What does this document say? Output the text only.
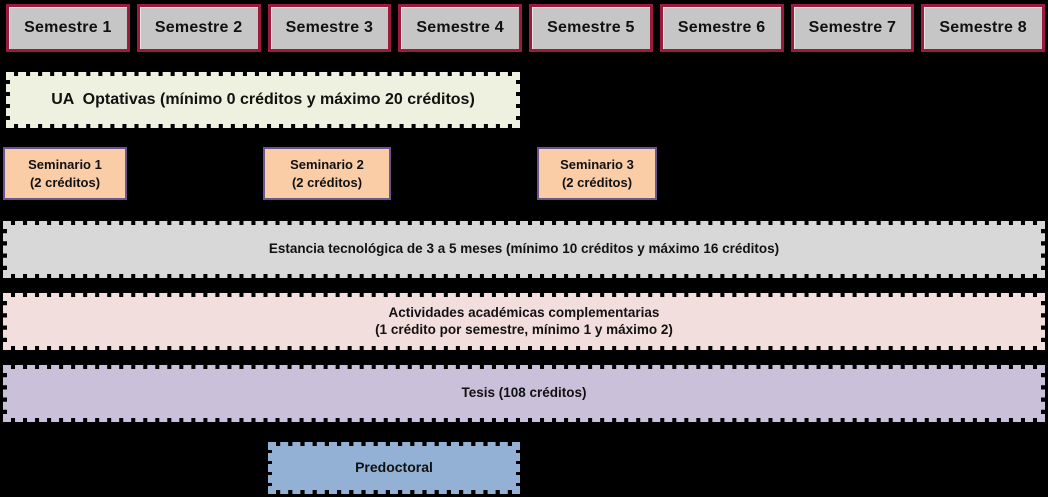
Semestre 1	Semestre 2	Semestre 3	Semestre 4	Semestre 5	Semestre 6	Semestre 7	Semestre 8
UA  Optativas (mínimo 0 créditos y máximo 20 créditos)
Seminario 1
(2 créditos)
Seminario 2
(2 créditos)
Seminario 3
(2 créditos)
Estancia tecnológica de 3 a 5 meses (mínimo 10 créditos y máximo 16 créditos)
Actividades académicas complementarias
(1 crédito por semestre, mínimo 1 y máximo 2)
Tesis (108 créditos)
Predoctoral
